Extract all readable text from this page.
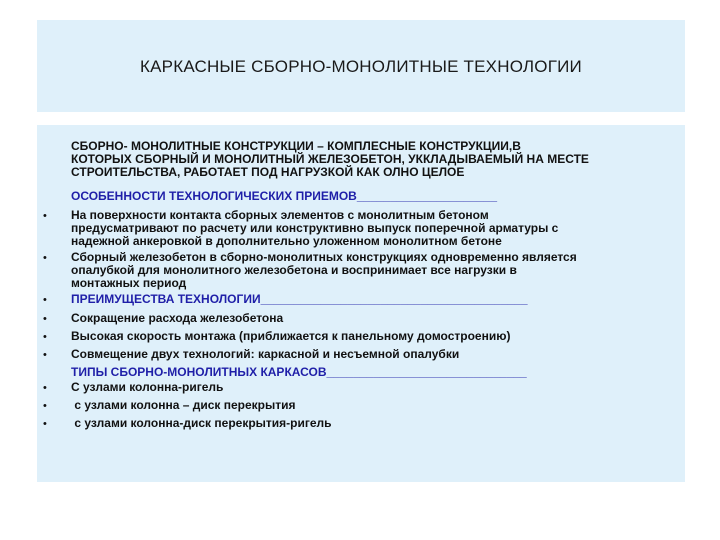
КАРКАСНЫЕ СБОРНО-МОНОЛИТНЫЕ ТЕХНОЛОГИИ
СБОРНО- МОНОЛИТНЫЕ КОНСТРУКЦИИ – КОМПЛЕСНЫЕ КОНСТРУКЦИИ,В
КОТОРЫХ СБОРНЫЙ И МОНОЛИТНЫЙ ЖЕЛЕЗОБЕТОН, УККЛАДЫВАЕМЫЙ НА МЕСТЕ
СТРОИТЕЛЬСТВА, РАБОТАЕТ ПОД НАГРУЗКОЙ КАК ОЛНО ЦЕЛОЕ
ОСОБЕННОСТИ ТЕХНОЛОГИЧЕСКИХ ПРИЕМОВ_____________________
•	На поверхности контакта сборных элементов с монолитным бетоном
предусматривают по расчету или конструктивно выпуск поперечной арматуры с
надежной анкеровкой в дополнительно уложенном монолитном бетоне
•	Сборный железобетон в сборно-монолитных конструкциях одновременно является
опалубкой для монолитного железобетона и воспринимает все нагрузки в
монтажных период
•	ПРЕИМУЩЕСТВА ТЕХНОЛОГИИ________________________________________
•	Сокращение расхода железобетона
•	Высокая скорость монтажа (приближается к панельному домостроению)
•	Совмещение двух технологий: каркасной и несъемной опалубки
ТИПЫ СБОРНО-МОНОЛИТНЫХ КАРКАСОВ______________________________
•	С узлами колонна-ригель
•	с узлами колонна – диск перекрытия
•	с узлами колонна-диск перекрытия-ригель
